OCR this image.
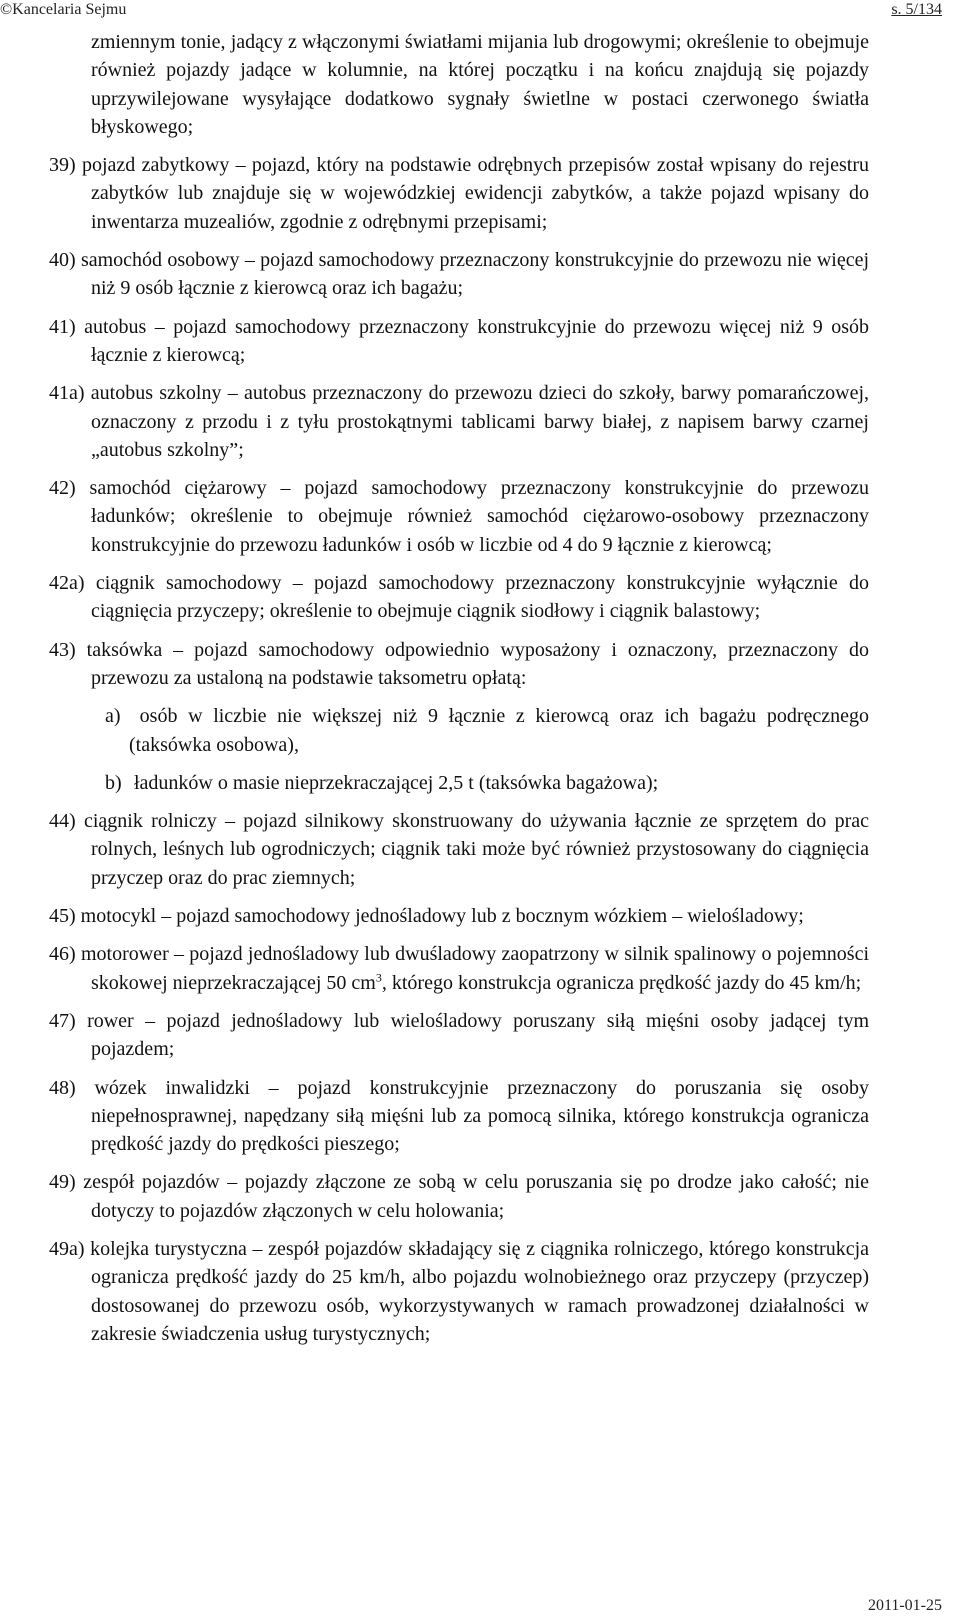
©Kancelaria Sejmu	s. 5/134

zmiennym tonie, jadący z włączonymi światłami mijania lub drogowymi; określenie to obejmuje również pojazdy jadące w kolumnie, na której początku i na końcu znajdują się pojazdy uprzywilejowane wysyłające dodatkowo sygnały świetlne w postaci czerwonego światła błyskowego;

39) pojazd zabytkowy – pojazd, który na podstawie odrębnych przepisów został wpisany do rejestru zabytków lub znajduje się w wojewódzkiej ewidencji zabytków, a także pojazd wpisany do inwentarza muzealiów, zgodnie z odrębnymi przepisami;

40) samochód osobowy – pojazd samochodowy przeznaczony konstrukcyjnie do przewozu nie więcej niż 9 osób łącznie z kierowcą oraz ich bagażu;

41) autobus – pojazd samochodowy przeznaczony konstrukcyjnie do przewozu więcej niż 9 osób łącznie z kierowcą;

41a) autobus szkolny – autobus przeznaczony do przewozu dzieci do szkoły, barwy pomarańczowej, oznaczony z przodu i z tyłu prostokątnymi tablicami barwy białej, z napisem barwy czarnej „autobus szkolny”;

42) samochód ciężarowy – pojazd samochodowy przeznaczony konstrukcyjnie do przewozu ładunków; określenie to obejmuje również samochód ciężarowo-osobowy przeznaczony konstrukcyjnie do przewozu ładunków i osób w liczbie od 4 do 9 łącznie z kierowcą;

42a) ciągnik samochodowy – pojazd samochodowy przeznaczony konstrukcyjnie wyłącznie do ciągnięcia przyczepy; określenie to obejmuje ciągnik siodłowy i ciągnik balastowy;

43) taksówka – pojazd samochodowy odpowiednio wyposażony i oznaczony, przeznaczony do przewozu za ustaloną na podstawie taksometru opłatą:

a) osób w liczbie nie większej niż 9 łącznie z kierowcą oraz ich bagażu podręcznego (taksówka osobowa),

b) ładunków o masie nieprzekraczającej 2,5 t (taksówka bagażowa);

44) ciągnik rolniczy – pojazd silnikowy skonstruowany do używania łącznie ze sprzętem do prac rolnych, leśnych lub ogrodniczych; ciągnik taki może być również przystosowany do ciągnięcia przyczep oraz do prac ziemnych;

45) motocykl – pojazd samochodowy jednośladowy lub z bocznym wózkiem – wielośladowy;

46) motorower – pojazd jednośladowy lub dwuśladowy zaopatrzony w silnik spalinowy o pojemności skokowej nieprzekraczającej 50 $cm^3$, którego konstrukcja ogranicza prędkość jazdy do 45 km/h;

47) rower – pojazd jednośladowy lub wielośladowy poruszany siłą mięśni osoby jadącej tym pojazdem;

48) wózek inwalidzki – pojazd konstrukcyjnie przeznaczony do poruszania się osoby niepełnosprawnej, napędzany siłą mięśni lub za pomocą silnika, którego konstrukcja ogranicza prędkość jazdy do prędkości pieszego;

49) zespół pojazdów – pojazdy złączone ze sobą w celu poruszania się po drodze jako całość; nie dotyczy to pojazdów złączonych w celu holowania;

49a) kolejka turystyczna – zespół pojazdów składający się z ciągnika rolniczego, którego konstrukcja ogranicza prędkość jazdy do 25 km/h, albo pojazdu wolnobieżnego oraz przyczepy (przyczep) dostosowanej do przewozu osób, wykorzystywanych w ramach prowadzonej działalności w zakresie świadczenia usług turystycznych;

2011-01-25
